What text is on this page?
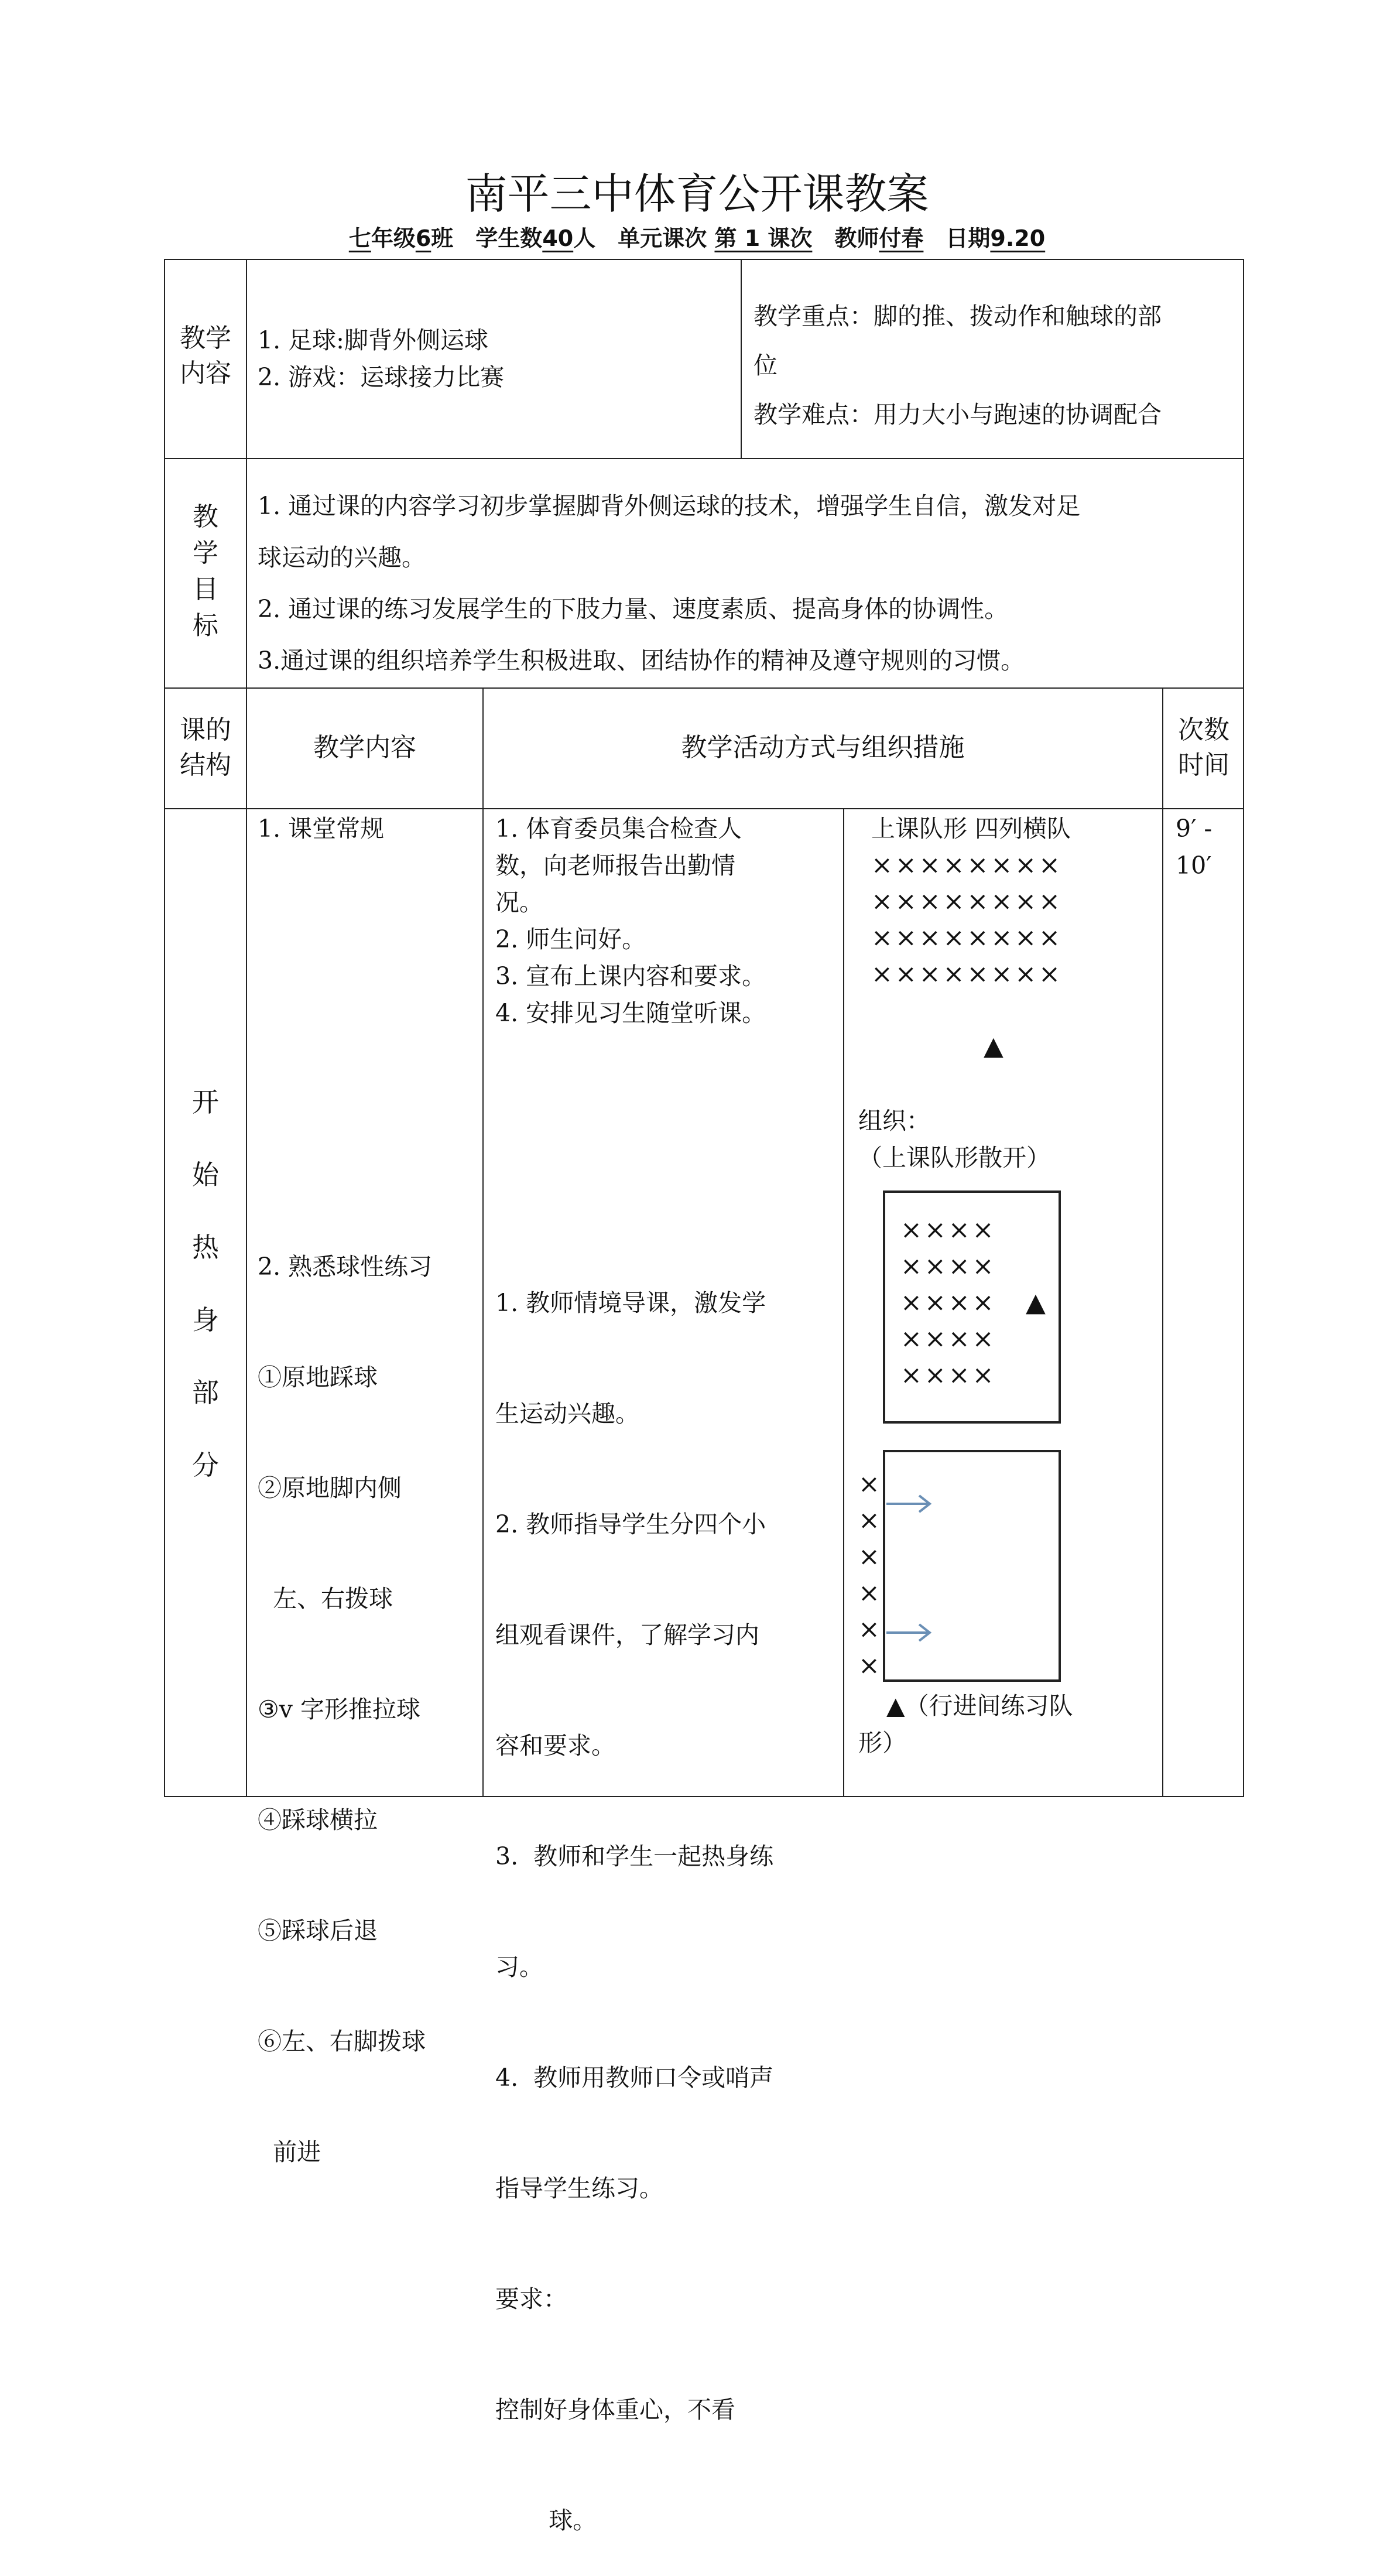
南平三中体育公开课教案
七年级6班 学生数40人 单元课次 第 1 课次 教师付春 日期9.20
教学
内容
1. 足球:脚背外侧运球
2. 游戏：运球接力比赛
教学重点：脚的推、拨动作和触球的部
位
教学难点：用力大小与跑速的协调配合
教
学
目
标
1. 通过课的内容学习初步掌握脚背外侧运球的技术，增强学生自信，激发对足
球运动的兴趣。
2. 通过课的练习发展学生的下肢力量、速度素质、提高身体的协调性。
3.通过课的组织培养学生积极进取、团结协作的精神及遵守规则的习惯。
课的
结构
教学内容	教学活动方式与组织措施
次数
时间
开
始
热
身
部
分
1. 课堂常规

2. 熟悉球性练习

①原地踩球

②原地脚内侧

左、右拨球

③v 字形推拉球

④踩球横拉

⑤踩球后退

⑥左、右脚拨球

前进

1. 体育委员集合检查人
数，向老师报告出勤情
况。
2. 师生问好。
3. 宣布上课内容和要求。
4. 安排见习生随堂听课。

1. 教师情境导课，激发学

生运动兴趣。

2. 教师指导学生分四个小

组观看课件，了解学习内

容和要求。

3.  教师和学生一起热身练

习。

4.  教师用教师口令或哨声

指导学生练习。

要求：

控制好身体重心，不看

球。

上课队形 四列横队
××××××××
××××××××
××××××××
××××××××
▲
组织：
（上课队形散开）
××××
××××
××××
××××
××××
▲
×
×
×
×
×
×
▲（行进间练习队
形）
9′ -
10′
